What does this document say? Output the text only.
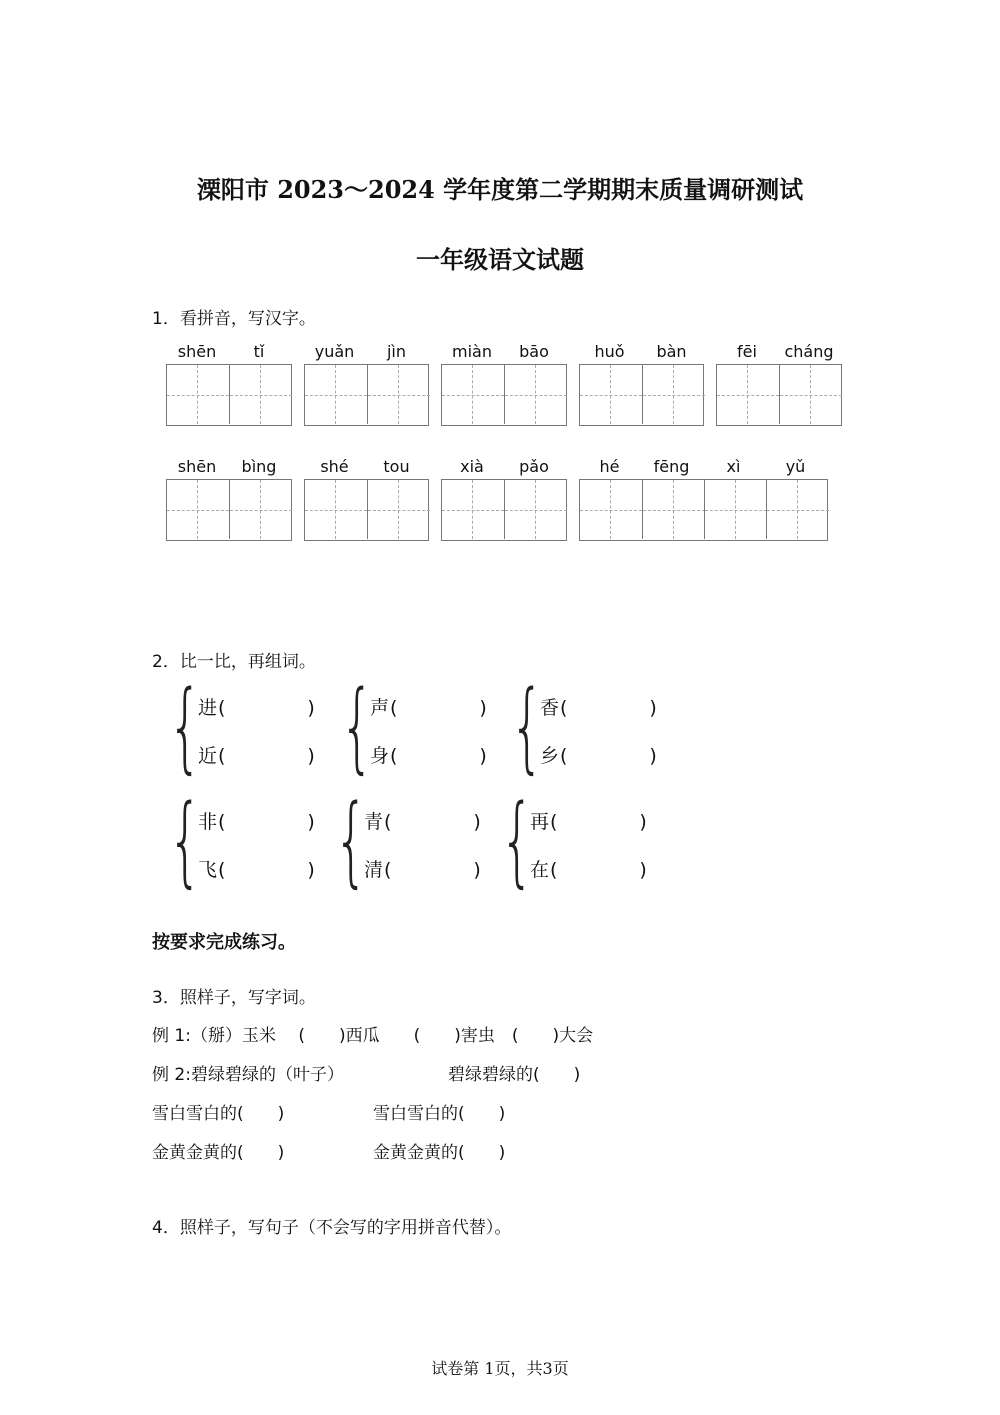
溧阳市 2023～2024 学年度第二学期期末质量调研测试
一年级语文试题
1．看拼音，写汉字。
shēn	tǐ	yuǎn	jìn	miàn	bāo	huǒ	bàn	fēi	cháng
shēn	bìng	shé	tou	xià	pǎo	hé	fēng	xì	yǔ
2．比一比，再组词。
{
进(	)
近(	) {
声(	)
身(	) {
香(	)
乡(	)
{
非(	)
飞(	) {
青(	)
清(	) {
再(	)
在(	)
按要求完成练习。
3．照样子，写字词。
例 1:（掰）玉米　 (　　)西瓜　　(　　)害虫　(　　)大会
例 2:碧绿碧绿的（叶子）	碧绿碧绿的(　　)
雪白雪白的(　　)	雪白雪白的(　　)
金黄金黄的(　　)	金黄金黄的(　　)
4．照样子，写句子（不会写的字用拼音代替）。
试卷第 1页，共3页
